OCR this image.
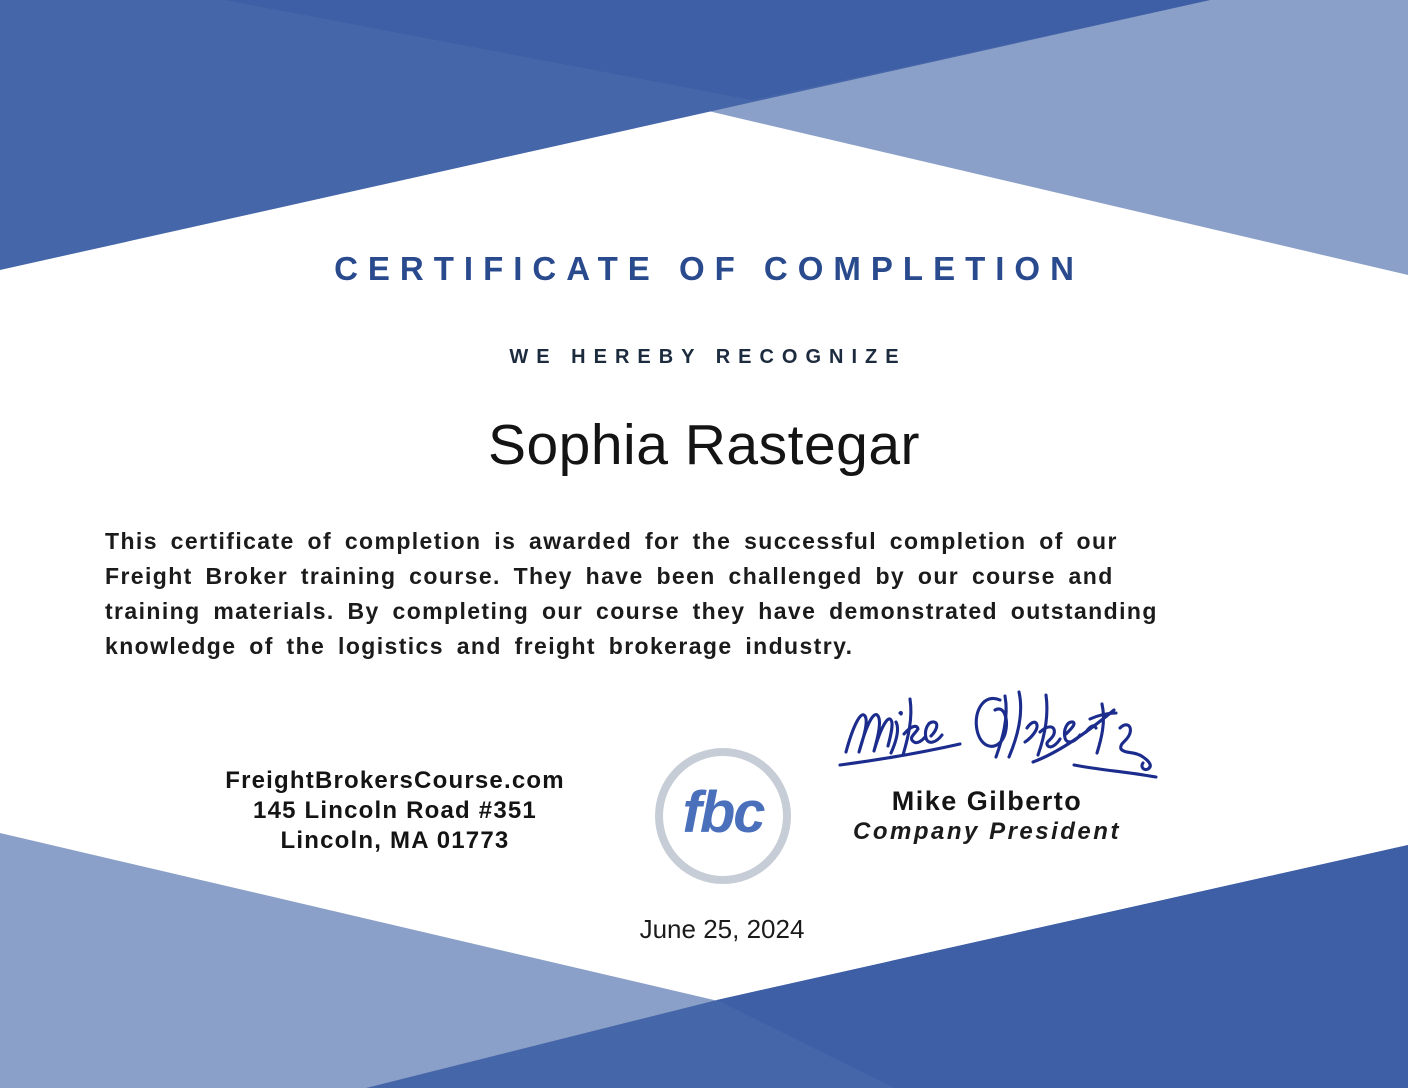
CERTIFICATE OF COMPLETION
WE HEREBY RECOGNIZE
Sophia Rastegar
This certificate of completion is awarded for the successful completion of our
Freight Broker training course. They have been challenged by our course and
training materials. By completing our course they have demonstrated outstanding
knowledge of the logistics and freight brokerage industry.
FreightBrokersCourse.com
145 Lincoln Road #351
Lincoln, MA 01773	fbc	Mike Gilberto
Company President
June 25, 2024
